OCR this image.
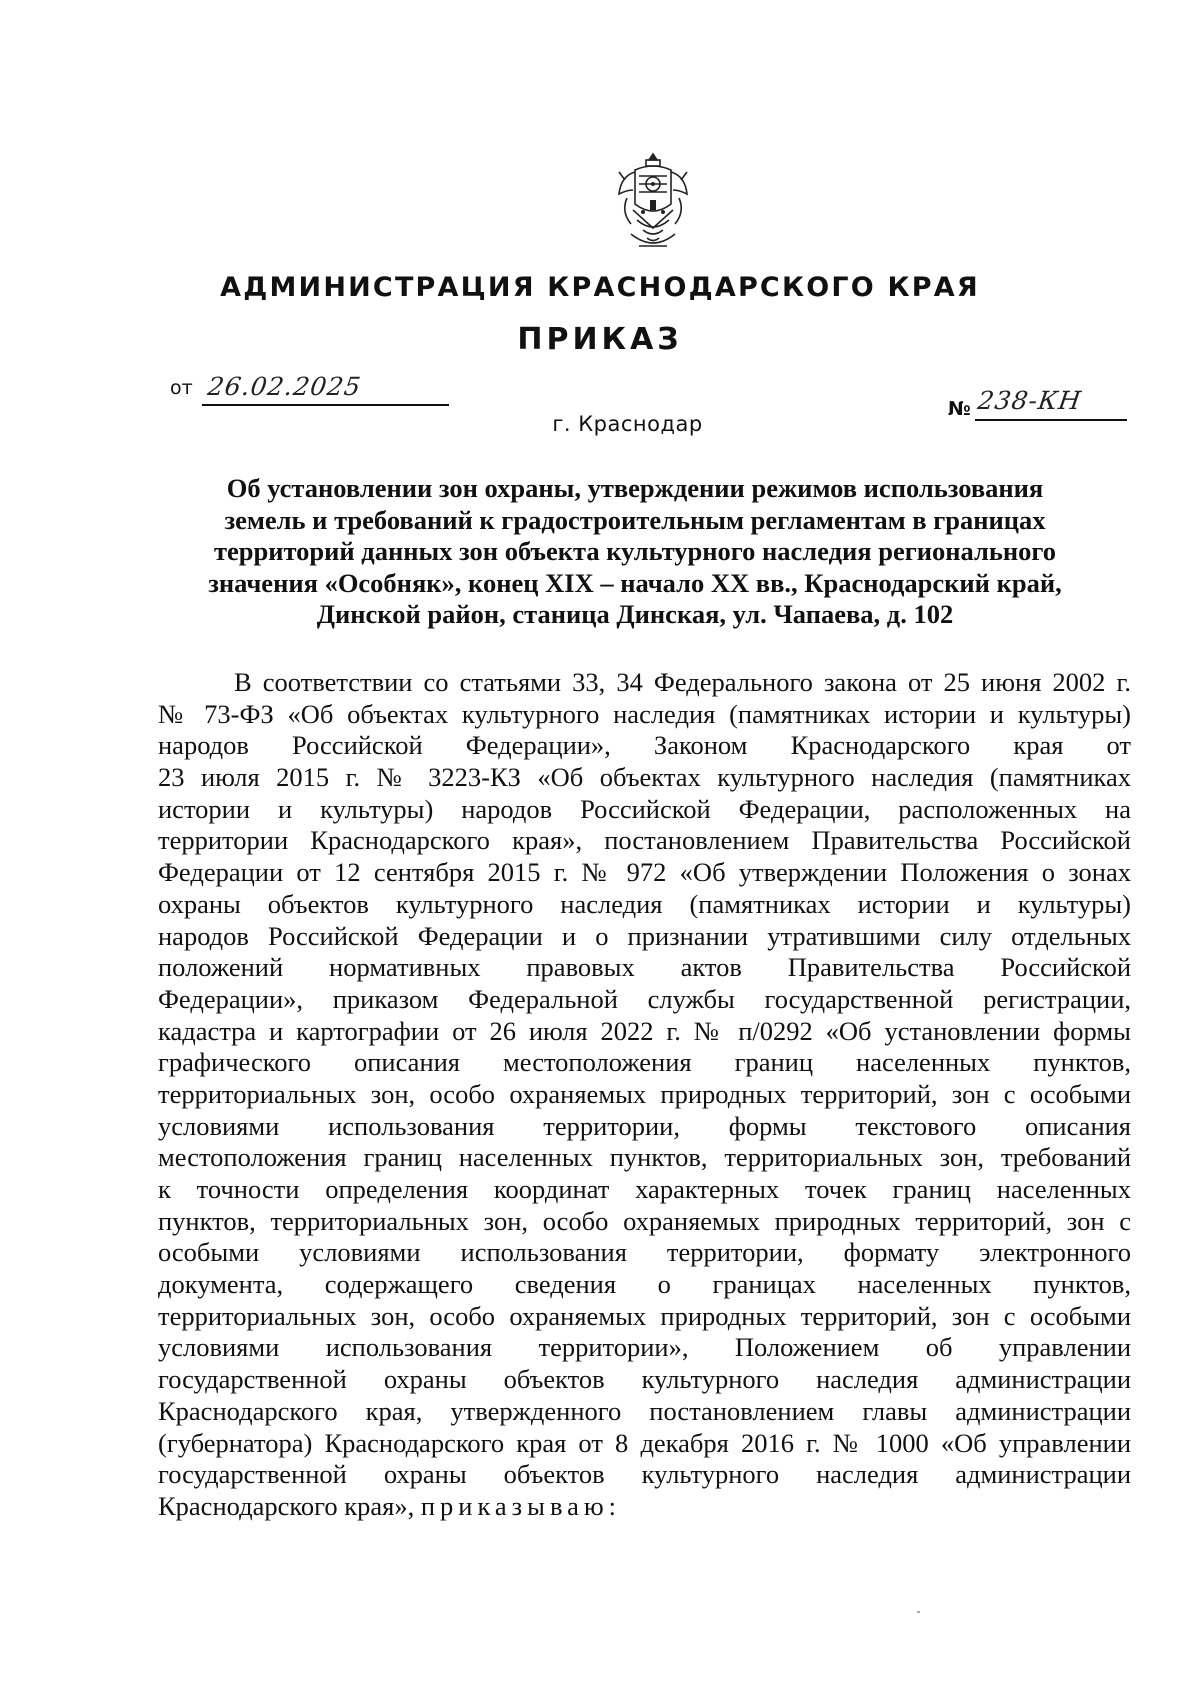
АДМИНИСТРАЦИЯ КРАСНОДАРСКОГО КРАЯ
ПРИКАЗ
от 26.02.2025
№ 238-КН
г. Краснодар
Об установлении зон охраны, утверждении режимов использования
земель и требований к градостроительным регламентам в границах
территорий данных зон объекта культурного наследия регионального
значения «Особняк», конец XIX – начало XX вв., Краснодарский край,
Динской район, станица Динская, ул. Чапаева, д. 102
В соответствии со статьями 33, 34 Федерального закона от 25 июня 2002 г.
№ 73-ФЗ «Об объектах культурного наследия (памятниках истории и культуры)
народов Российской Федерации», Законом Краснодарского края от
23 июля 2015 г. № 3223-КЗ «Об объектах культурного наследия (памятниках
истории и культуры) народов Российской Федерации, расположенных на
территории Краснодарского края», постановлением Правительства Российской
Федерации от 12 сентября 2015 г. № 972 «Об утверждении Положения о зонах
охраны объектов культурного наследия (памятниках истории и культуры)
народов Российской Федерации и о признании утратившими силу отдельных
положений нормативных правовых актов Правительства Российской
Федерации», приказом Федеральной службы государственной регистрации,
кадастра и картографии от 26 июля 2022 г. № п/0292 «Об установлении формы
графического описания местоположения границ населенных пунктов,
территориальных зон, особо охраняемых природных территорий, зон с особыми
условиями использования территории, формы текстового описания
местоположения границ населенных пунктов, территориальных зон, требований
к точности определения координат характерных точек границ населенных
пунктов, территориальных зон, особо охраняемых природных территорий, зон с
особыми условиями использования территории, формату электронного
документа, содержащего сведения о границах населенных пунктов,
территориальных зон, особо охраняемых природных территорий, зон с особыми
условиями использования территории», Положением об управлении
государственной охраны объектов культурного наследия администрации
Краснодарского края, утвержденного постановлением главы администрации
(губернатора) Краснодарского края от 8 декабря 2016 г. № 1000 «Об управлении
государственной охраны объектов культурного наследия администрации
Краснодарского края», приказываю:
